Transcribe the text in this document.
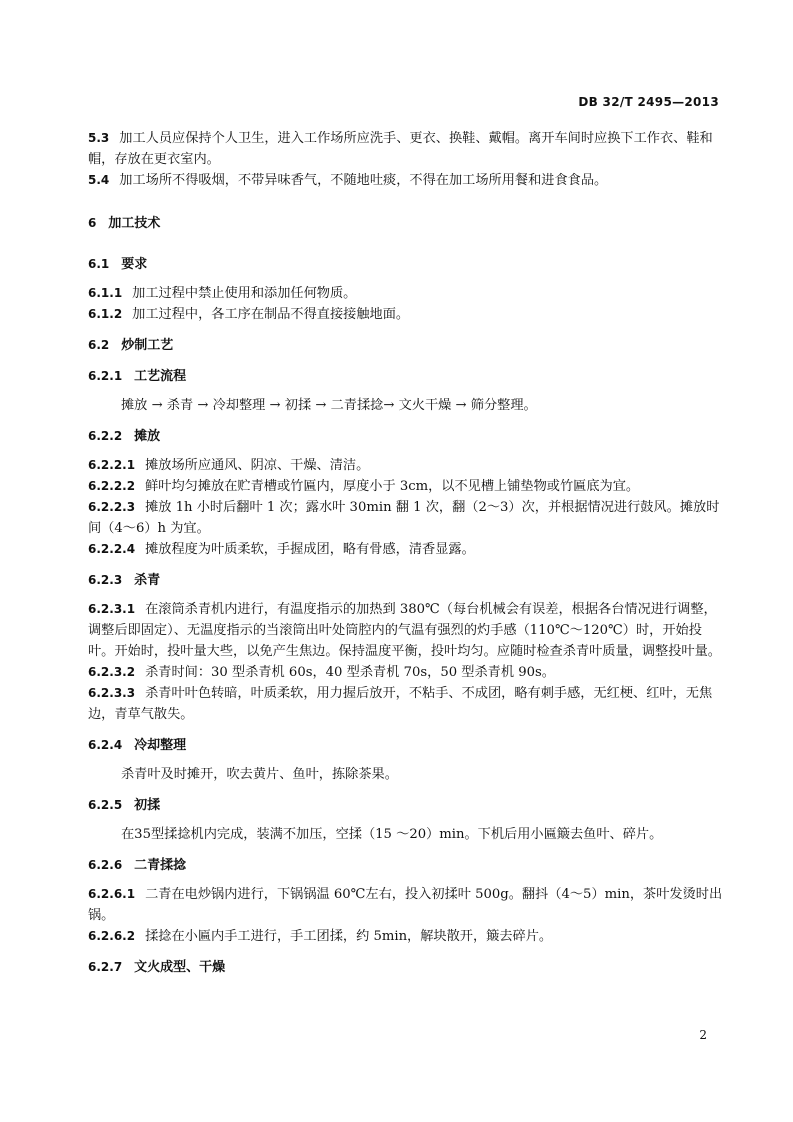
DB 32/T 2495—2013

5.3 加工人员应保持个人卫生，进入工作场所应洗手、更衣、换鞋、戴帽。离开车间时应换下工作衣、鞋和帽，存放在更衣室内。

5.4 加工场所不得吸烟，不带异味香气，不随地吐痰，不得在加工场所用餐和进食食品。

6 加工技术
6.1 要求

6.1.1 加工过程中禁止使用和添加任何物质。

6.1.2 加工过程中，各工序在制品不得直接接触地面。

6.2 炒制工艺
6.2.1 工艺流程

摊放 → 杀青 → 冷却整理 → 初揉 → 二青揉捻→ 文火干燥 → 筛分整理。

6.2.2 摊放

6.2.2.1 摊放场所应通风、阴凉、干燥、清洁。

6.2.2.2 鲜叶均匀摊放在贮青槽或竹匾内，厚度小于 3cm，以不见槽上铺垫物或竹匾底为宜。

6.2.2.3 摊放 1h 小时后翻叶 1 次；露水叶 30min 翻 1 次，翻（2～3）次，并根据情况进行鼓风。摊放时间（4～6）h 为宜。

6.2.2.4 摊放程度为叶质柔软，手握成团，略有骨感，清香显露。

6.2.3 杀青

6.2.3.1 在滚筒杀青机内进行，有温度指示的加热到 380℃（每台机械会有误差，根据各台情况进行调整，调整后即固定）、无温度指示的当滚筒出叶处筒腔内的气温有强烈的灼手感（110℃～120℃）时，开始投叶。开始时，投叶量大些，以免产生焦边。保持温度平衡，投叶均匀。应随时检查杀青叶质量，调整投叶量。

6.2.3.2 杀青时间：30 型杀青机 60s，40 型杀青机 70s，50 型杀青机 90s。

6.2.3.3 杀青叶叶色转暗，叶质柔软，用力握后放开，不粘手、不成团，略有刺手感，无红梗、红叶，无焦边，青草气散失。

6.2.4 冷却整理

杀青叶及时摊开，吹去黄片、鱼叶，拣除茶果。

6.2.5 初揉

在35型揉捻机内完成，装满不加压，空揉（15 ～20）min。下机后用小匾簸去鱼叶、碎片。

6.2.6 二青揉捻

6.2.6.1 二青在电炒锅内进行，下锅锅温 60℃左右，投入初揉叶 500g。翻抖（4～5）min，茶叶发烫时出锅。

6.2.6.2 揉捻在小匾内手工进行，手工团揉，约 5min，解块散开，簸去碎片。

6.2.7 文火成型、干燥
2
